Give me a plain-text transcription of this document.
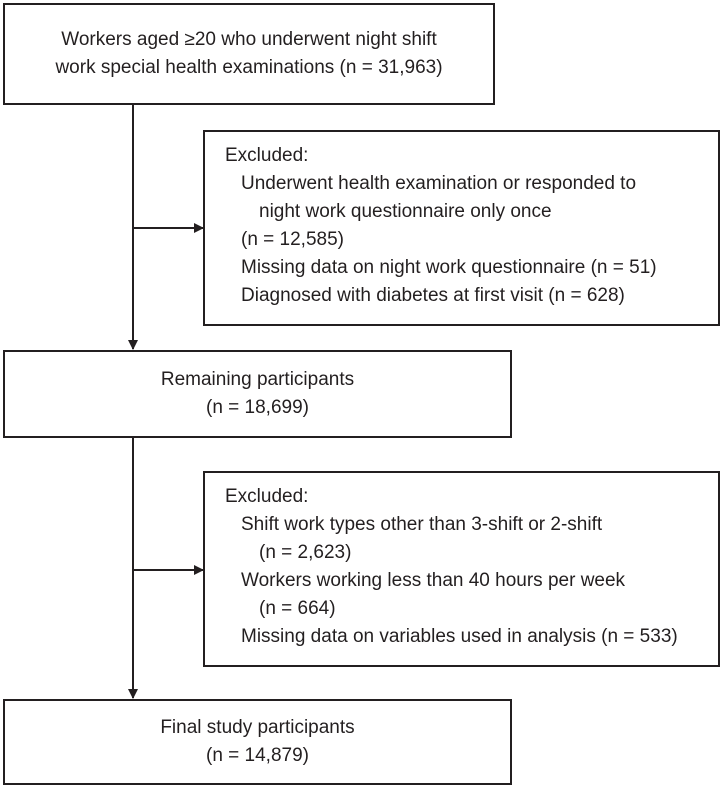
Workers aged ≥20 who underwent night shift
work special health examinations (n = 31,963)
Excluded:
Underwent health examination or responded to
night work questionnaire only once
(n = 12,585)
Missing data on night work questionnaire (n = 51)
Diagnosed with diabetes at first visit (n = 628)
Remaining participants
(n = 18,699)
Excluded:
Shift work types other than 3-shift or 2-shift
(n = 2,623)
Workers working less than 40 hours per week
(n = 664)
Missing data on variables used in analysis (n = 533)
Final study participants
(n = 14,879)
